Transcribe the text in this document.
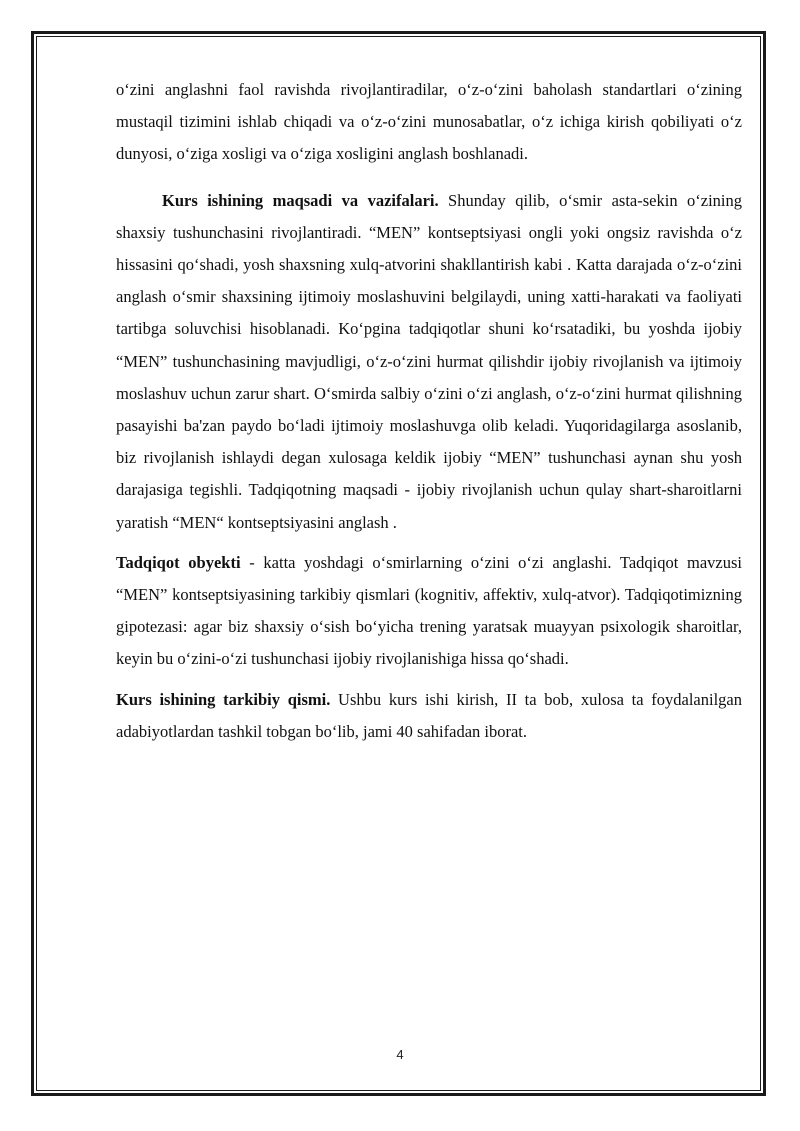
o‘zini anglashni faol ravishda rivojlantiradilar, o‘z-o‘zini baholash standartlari o‘zining mustaqil tizimini ishlab chiqadi va o‘z-o‘zini munosabatlar, o‘z ichiga kirish qobiliyati o‘z dunyosi, o‘ziga xosligi va o‘ziga xosligini anglash boshlanadi.

Kurs ishining maqsadi va vazifalari. Shunday qilib, o‘smir asta-sekin o‘zining shaxsiy tushunchasini rivojlantiradi. “MEN” kontseptsiyasi ongli yoki ongsiz ravishda o‘z hissasini qo‘shadi, yosh shaxsning xulq-atvorini shakllantirish kabi . Katta darajada o‘z-o‘zini anglash o‘smir shaxsining ijtimoiy moslashuvini belgilaydi, uning xatti-harakati va faoliyati tartibga soluvchisi hisoblanadi. Ko‘pgina tadqiqotlar shuni ko‘rsatadiki, bu yoshda ijobiy “MEN” tushunchasining mavjudligi, o‘z-o‘zini hurmat qilishdir ijobiy rivojlanish va ijtimoiy moslashuv uchun zarur shart. O‘smirda salbiy o‘zini o‘zi anglash, o‘z-o‘zini hurmat qilishning pasayishi ba'zan paydo bo‘ladi ijtimoiy moslashuvga olib keladi. Yuqoridagilarga asoslanib, biz rivojlanish ishlaydi degan xulosaga keldik ijobiy “MEN” tushunchasi aynan shu yosh darajasiga tegishli. Tadqiqotning maqsadi - ijobiy rivojlanish uchun qulay shart-sharoitlarni yaratish “MEN“ kontseptsiyasini anglash .

Tadqiqot obyekti - katta yoshdagi o‘smirlarning o‘zini o‘zi anglashi. Tadqiqot mavzusi “MEN” kontseptsiyasining tarkibiy qismlari (kognitiv, affektiv, xulq-atvor). Tadqiqotimizning gipotezasi: agar biz shaxsiy o‘sish bo‘yicha trening yaratsak muayyan psixologik sharoitlar, keyin bu o‘zini-o‘zi tushunchasi ijobiy rivojlanishiga hissa qo‘shadi.

Kurs ishining tarkibiy qismi. Ushbu kurs ishi kirish, II ta bob, xulosa ta foydalanilgan adabiyotlardan tashkil tobgan bo‘lib, jami 40 sahifadan iborat.

4
